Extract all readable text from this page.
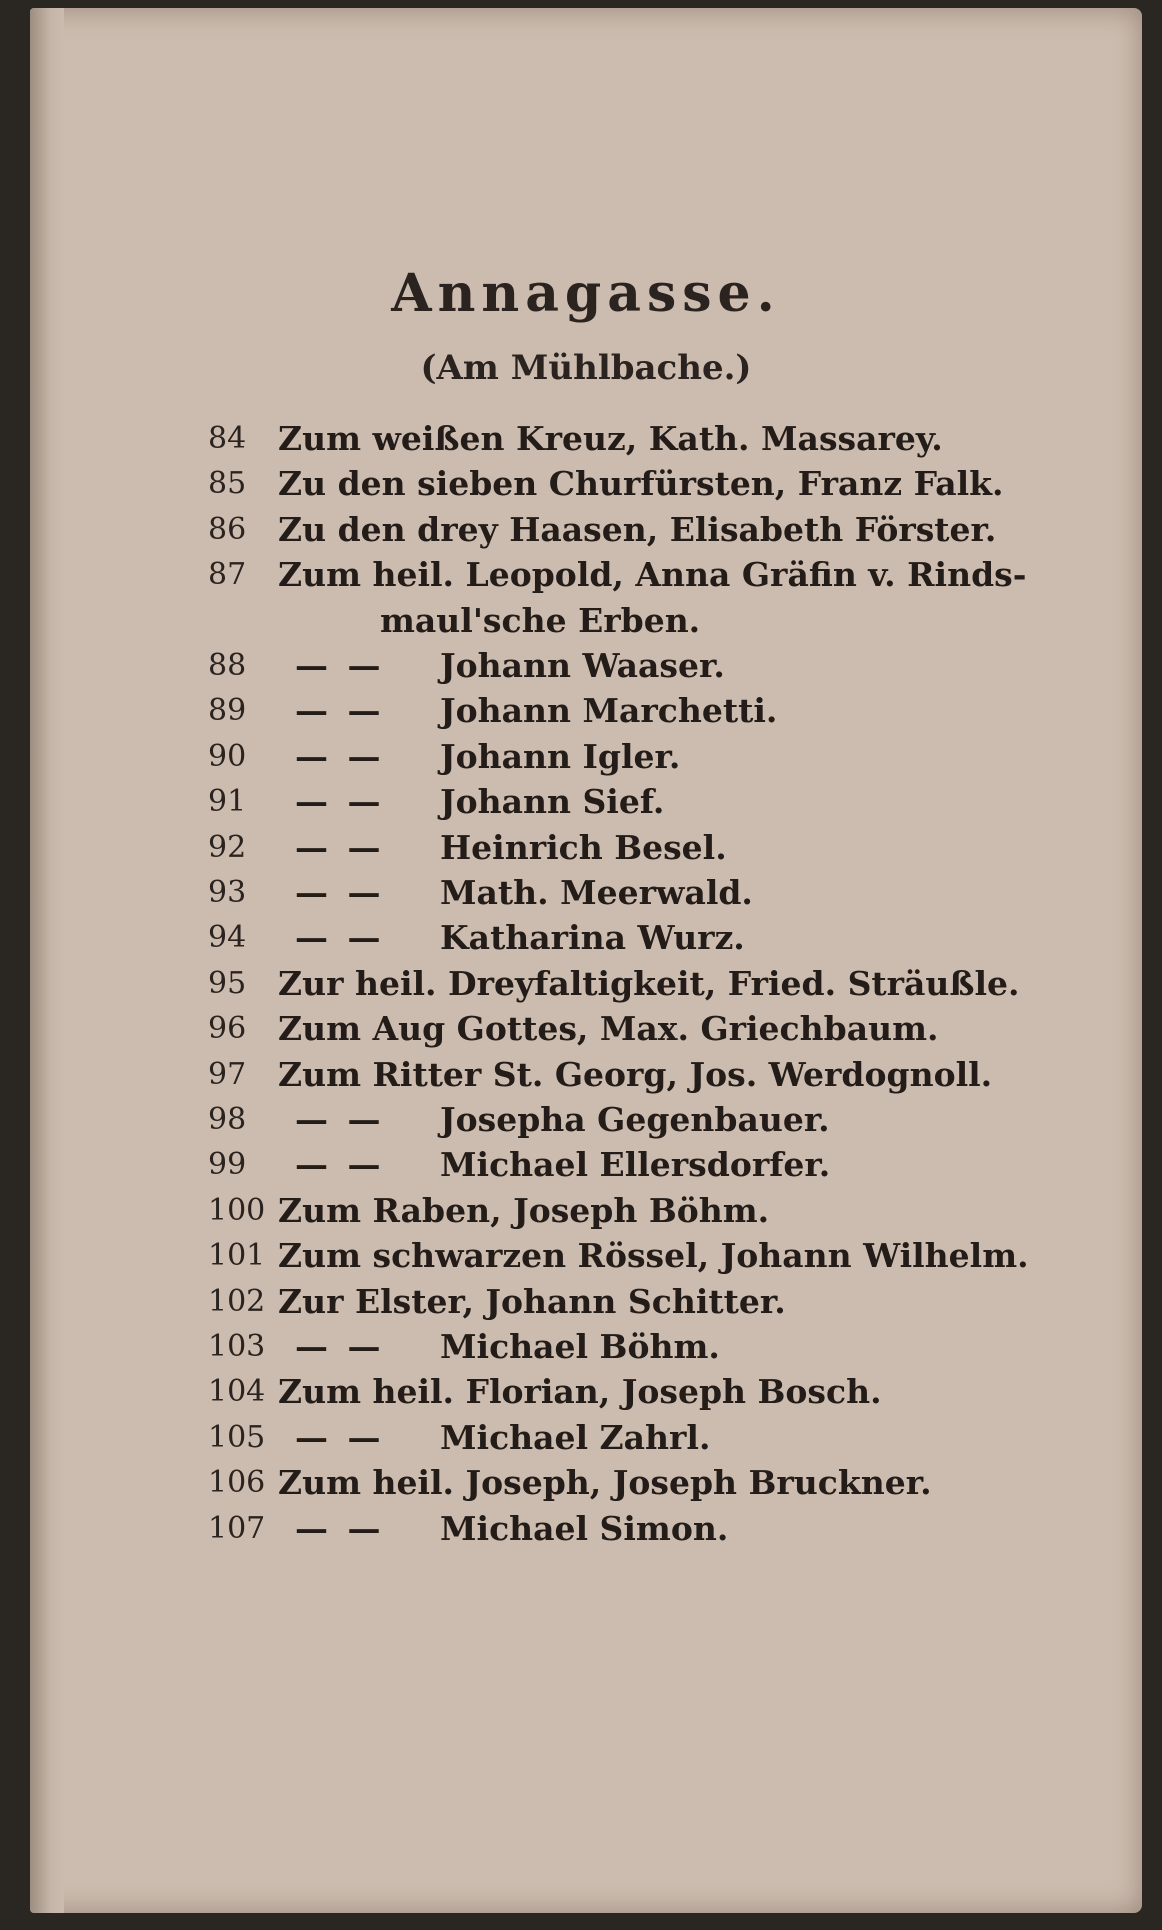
Annagasse.
(Am Mühlbache.)
84 Zum weißen Kreuz, Kath. Massarey.
85 Zu den sieben Churfürsten, Franz Falk.
86 Zu den drey Haasen, Elisabeth Förster.
87 Zum heil. Leopold, Anna Gräfin v. Rinds-
maul'sche Erben.
88	— — Johann Waaser.
89	— — Johann Marchetti.
90	— — Johann Igler.
91	— — Johann Sief.
92	— — Heinrich Besel.
93	— — Math. Meerwald.
94	— — Katharina Wurz.
95 Zur heil. Dreyfaltigkeit, Fried. Sträußle.
96 Zum Aug Gottes, Max. Griechbaum.
97 Zum Ritter St. Georg, Jos. Werdognoll.
98	— — Josepha Gegenbauer.
99	— — Michael Ellersdorfer.
100 Zum Raben, Joseph Böhm.
101 Zum schwarzen Rössel, Johann Wilhelm.
102 Zur Elster, Johann Schitter.
103 — — Michael Böhm.
104 Zum heil. Florian, Joseph Bosch.
105 — — Michael Zahrl.
106 Zum heil. Joseph, Joseph Bruckner.
107 — — Michael Simon.
